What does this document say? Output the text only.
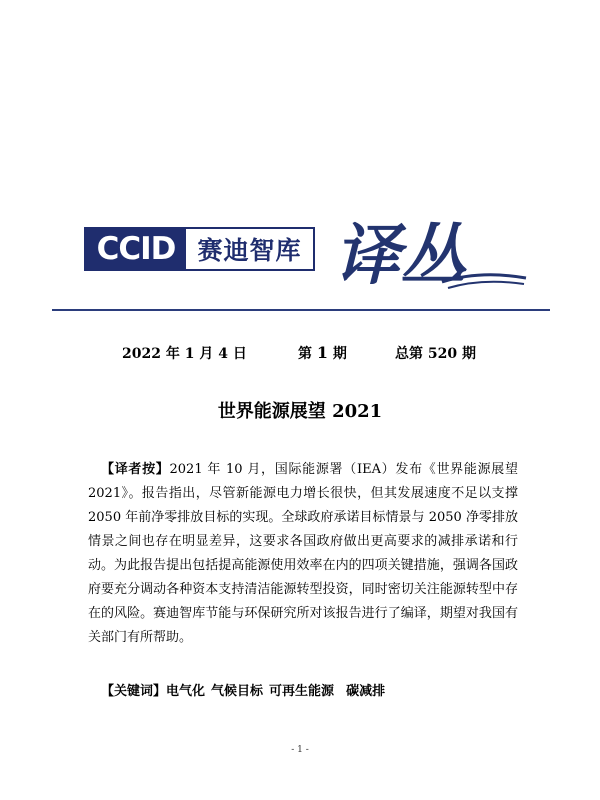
CCID 赛迪智库 译丛
2022 年 1 月 4 日	第 1 期	总第 520 期
世界能源展望 2021

【译者按】2021 年 10 月，国际能源署（IEA）发布《世界能源展望 2021》。报告指出，尽管新能源电力增长很快，但其发展速度不足以支撑 2050 年前净零排放目标的实现。全球政府承诺目标情景与 2050 净零排放情景之间也存在明显差异，这要求各国政府做出更高要求的减排承诺和行动。为此报告提出包括提高能源使用效率在内的四项关键措施，强调各国政府要充分调动各种资本支持清洁能源转型投资，同时密切关注能源转型中存在的风险。赛迪智库节能与环保研究所对该报告进行了编译，期望对我国有关部门有所帮助。

【关键词】电气化 气候目标 可再生能源 碳减排
- 1 -
